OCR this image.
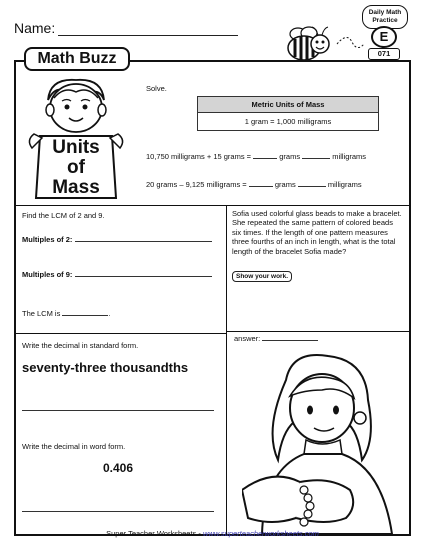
Name:
Daily Math
Practice
E
071
Math Buzz
Units
of
Mass
Solve.
Metric Units of Mass
1 gram = 1,000 milligrams
10,750 milligrams + 15 grams =	grams	milligrams
20 grams – 9,125 milligrams =	grams	milligrams
Find the LCM of 2 and 9.
Multiples of 2:
Multiples of 9:
The LCM is	.
Sofia used colorful glass beads to make a bracelet. She repeated the same pattern of colored beads six times. If the length of one pattern measures three fourths of an inch in length, what is the total length of the bracelet Sofia made?
Show your work.
answer:
Write the decimal in standard form.
seventy-three thousandths
Write the decimal in word form.
0.406
Super Teacher Worksheets - www.superteacherworksheets.com
